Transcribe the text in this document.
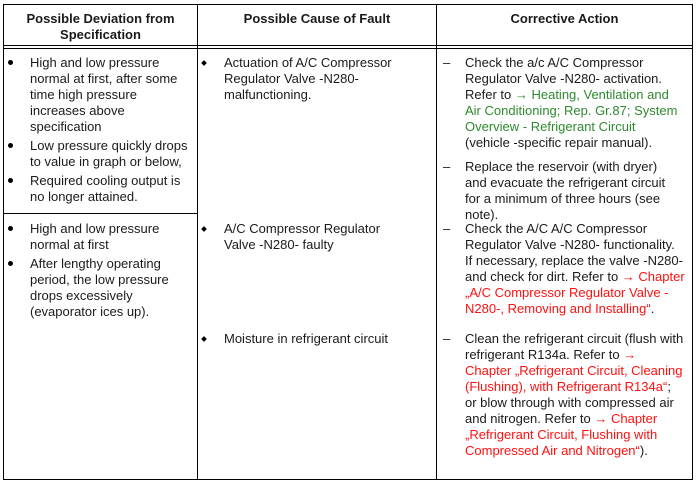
Possible Deviation from Specification
Possible Cause of Fault	Corrective Action
High and low pressure normal at first, after some time high pressure increases above specification
Low pressure quickly drops to value in graph or below,
Required cooling output is no longer attained.
High and low pressure normal at first
After lengthy operating period, the low pressure drops excessively (evaporator ices up).
Actuation of A/C Compressor Regulator Valve -N280- malfunctioning.
A/C Compressor Regulator Valve -N280- faulty
Moisture in refrigerant circuit
– Check the a/c A/C Compressor Regulator Valve -N280- activation. Refer to → Heating, Ventilation and Air Conditioning; Rep. Gr.87; System Overview - Refrigerant Circuit (vehicle -specific repair manual).
– Replace the reservoir (with dryer) and evacuate the refrigerant circuit for a minimum of three hours (see note).
– Check the A/C A/C Compressor Regulator Valve -N280- functionality. If necessary, replace the valve -N280- and check for dirt. Refer to → Chapter „A/C Compressor Regulator Valve -N280-, Removing and Installing“.
– Clean the refrigerant circuit (flush with refrigerant R134a. Refer to → Chapter „Refrigerant Circuit, Cleaning (Flushing), with Refrigerant R134a“; or blow through with compressed air and nitrogen. Refer to → Chapter „Refrigerant Circuit, Flushing with Compressed Air and Nitrogen“).
